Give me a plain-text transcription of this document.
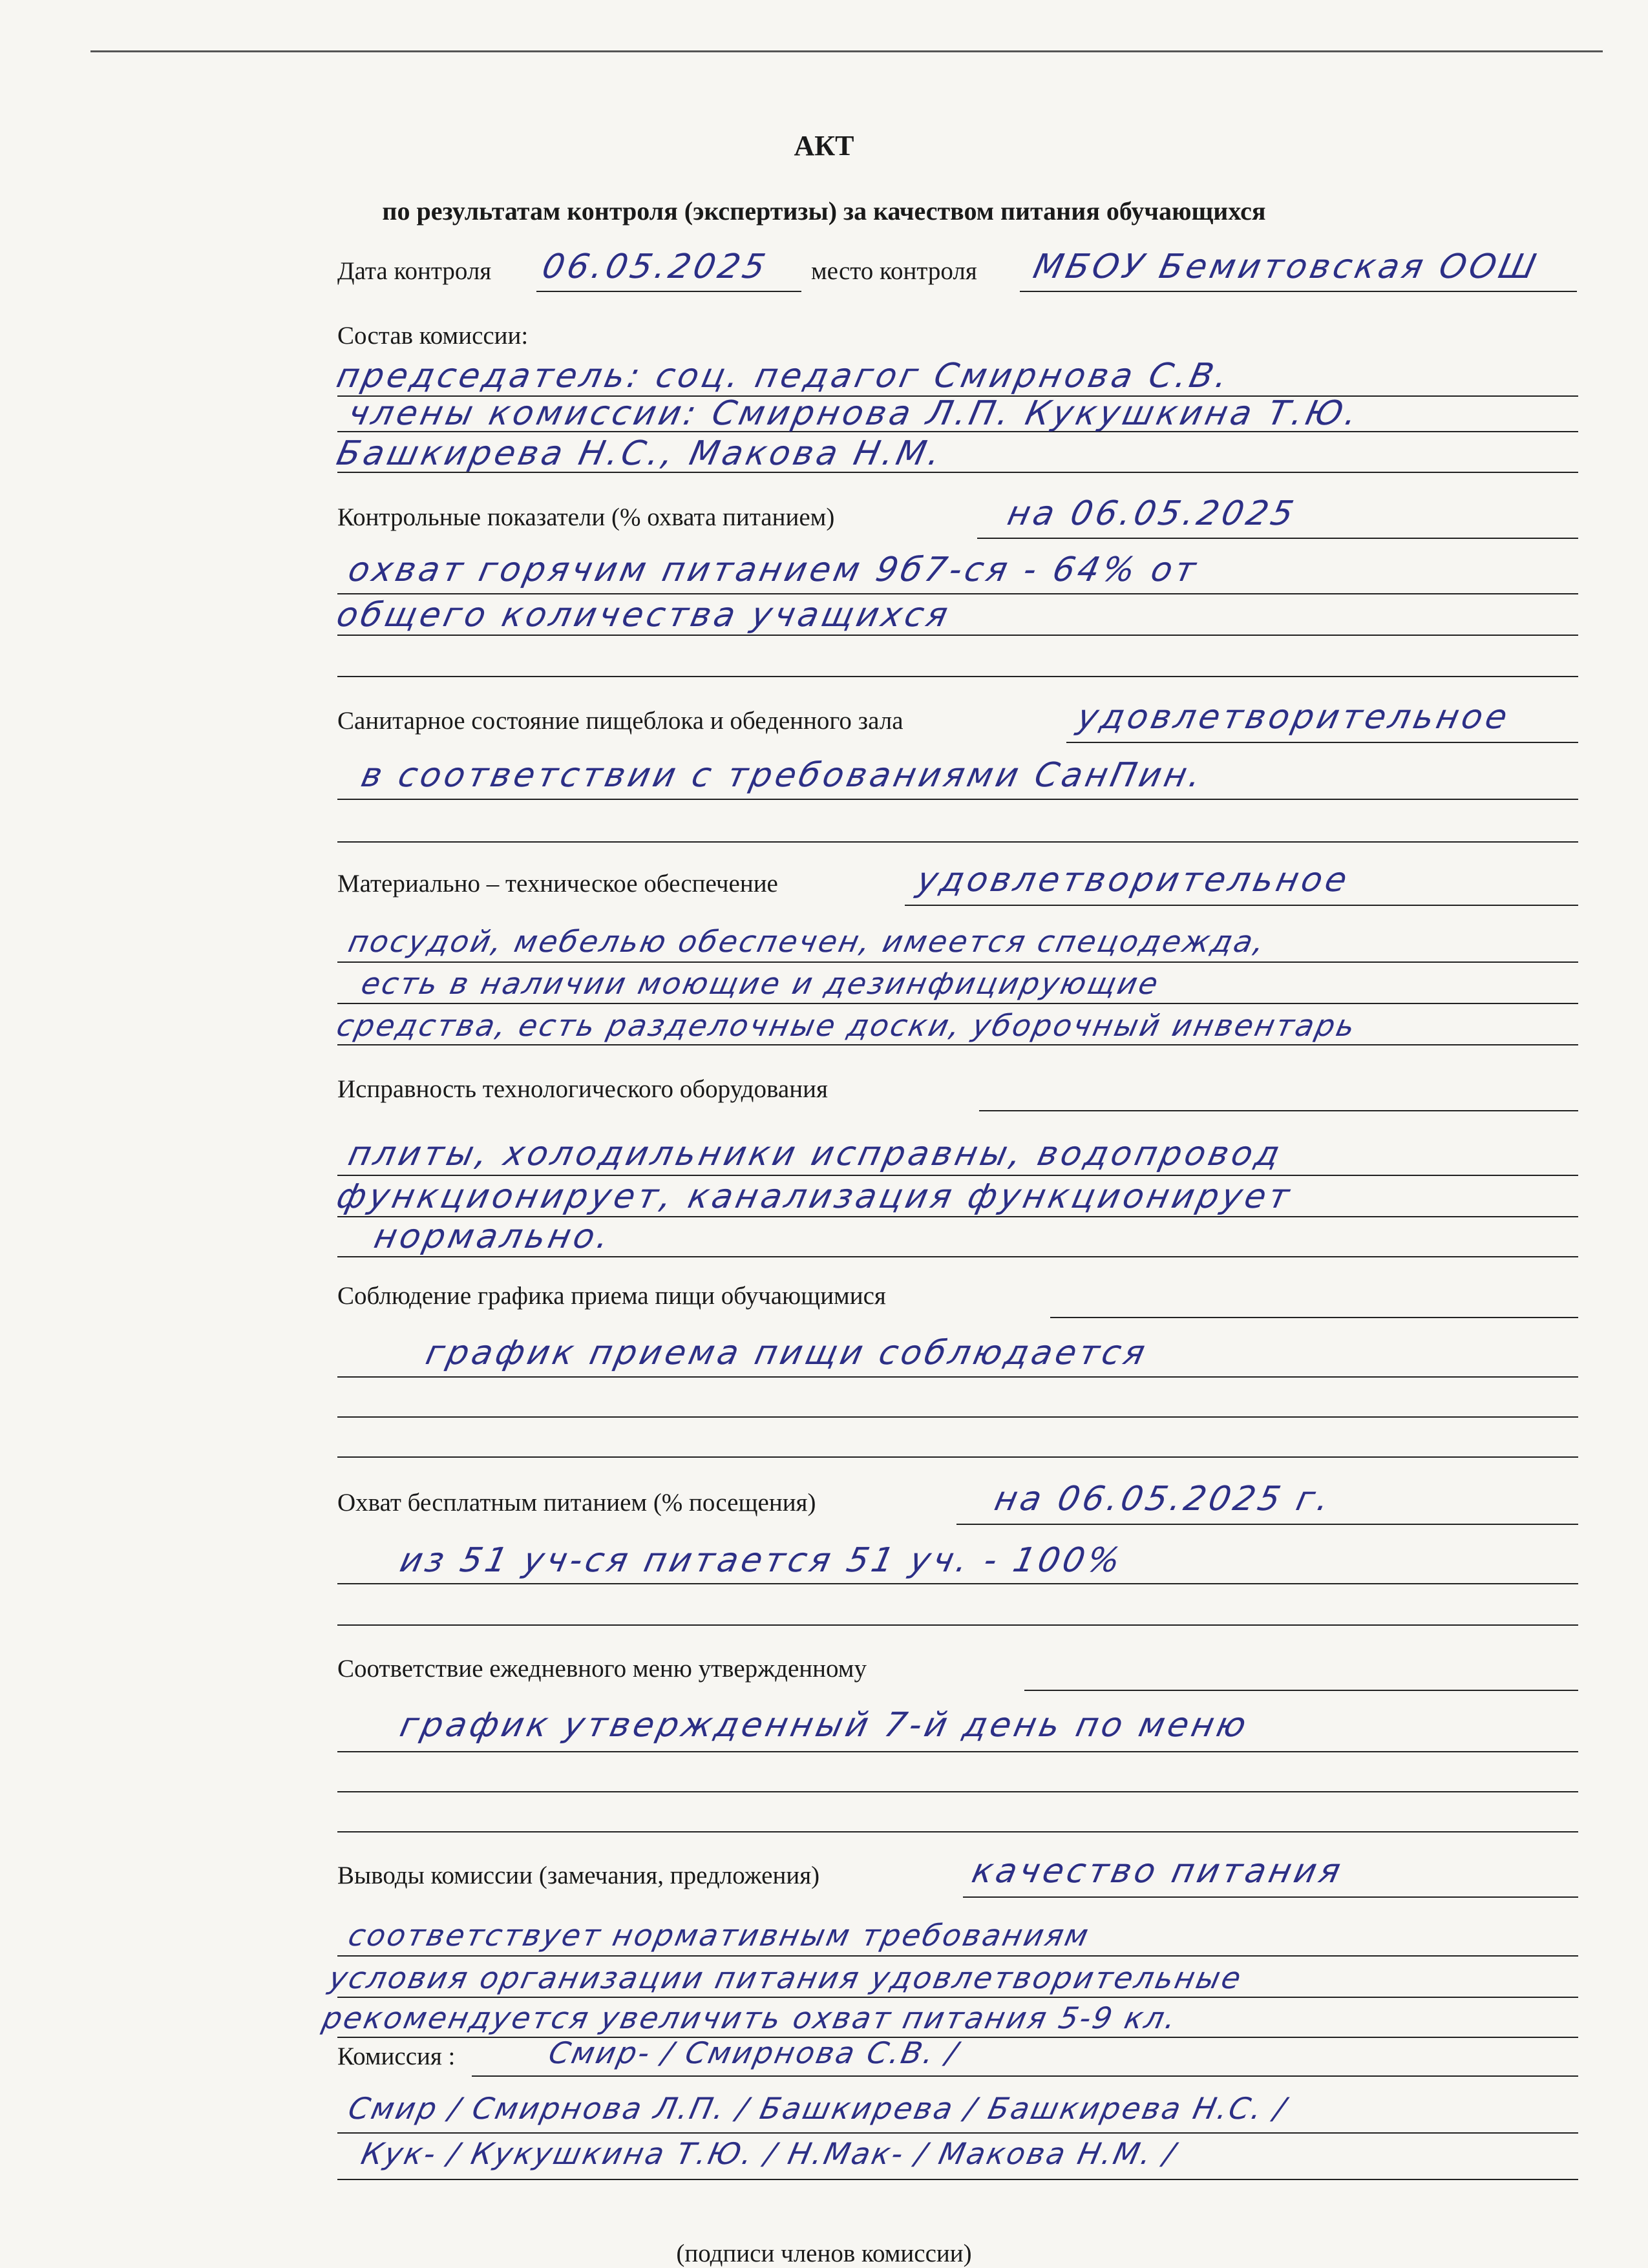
АКТ
по результатам контроля (экспертизы) за качеством питания обучающихся
Дата контроля 06.05.2025 место контроля МБОУ Бемитовская ООШ
Состав комиссии:
председатель: соц. педагог Смирнова С.В.
члены комиссии: Смирнова Л.П. Кукушкина Т.Ю.
Башкирева Н.С., Макова Н.М.
Контрольные показатели (% охвата питанием)	на 06.05.2025
охват горячим питанием 9б7-ся - 64% от
общего количества учащихся
Санитарное состояние пищеблока и обеденного зала	удовлетворительное
в соответствии с требованиями СанПин.
Материально – техническое обеспечение	удовлетворительное
посудой, мебелью обеспечен, имеется спецодежда,
есть в наличии моющие и дезинфицирующие
средства, есть разделочные доски, уборочный инвентарь
Исправность технологического оборудования
плиты, холодильники исправны, водопровод
функционирует, канализация функционирует
нормально.
Соблюдение графика приема пищи обучающимися
график приема пищи соблюдается
Охват бесплатным питанием (% посещения)	на 06.05.2025 г.
из 51 уч-ся питается 51 уч. - 100%
Соответствие ежедневного меню утвержденному
график утвержденный 7-й день по меню
Выводы комиссии (замечания, предложения)	качество питания
соответствует нормативным требованиям
условия организации питания удовлетворительные
рекомендуется увеличить охват питания 5-9 кл.
Комиссия :	Смир- / Смирнова С.В. /
Смир / Смирнова Л.П. / Башкирева / Башкирева Н.С. /
Кук- / Кукушкина Т.Ю. / Н.Мак- / Макова Н.М. /
(подписи членов комиссии)
